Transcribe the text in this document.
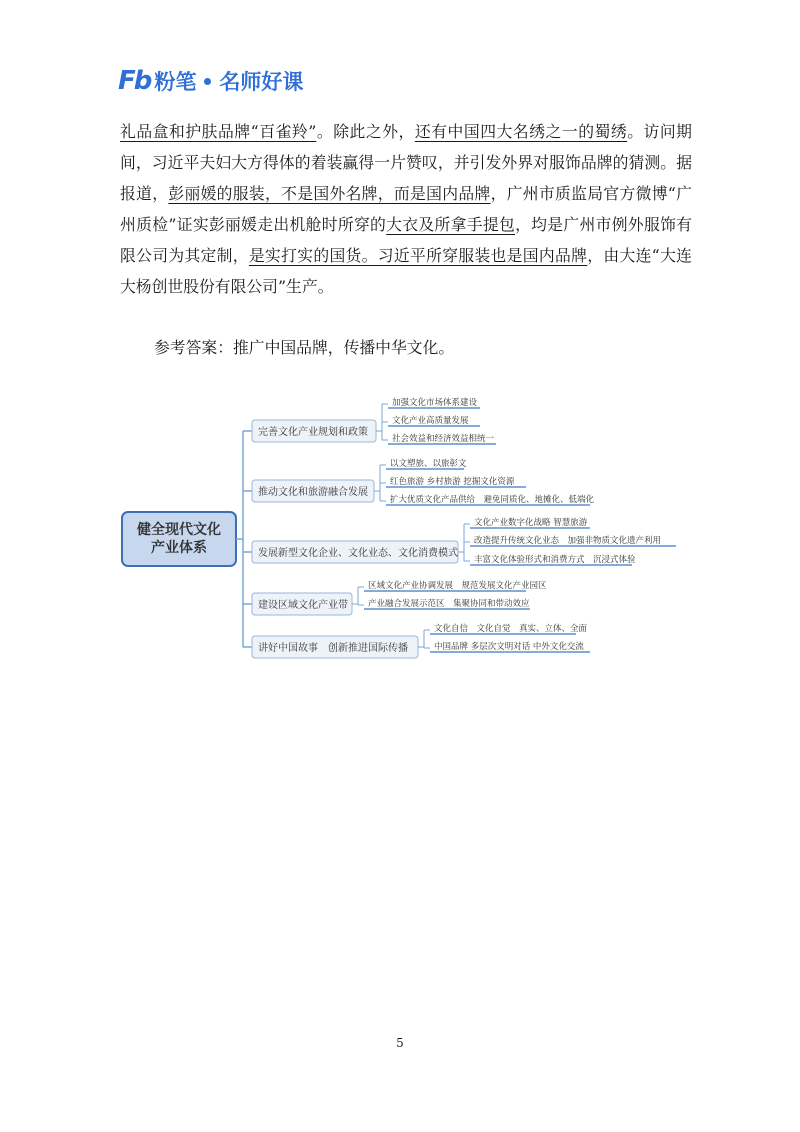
Fb 粉笔 名师好课

礼品盒和护肤品牌“百雀羚”。除此之外，还有中国四大名绣之一的蜀绣。访问期间，习近平夫妇大方得体的着装赢得一片赞叹，并引发外界对服饰品牌的猜测。据报道，彭丽媛的服装，不是国外名牌，而是国内品牌，广州市质监局官方微博“广州质检”证实彭丽媛走出机舱时所穿的大衣及所拿手提包，均是广州市例外服饰有限公司为其定制，是实打实的国货。习近平所穿服装也是国内品牌，由大连“大连大杨创世股份有限公司”生产。

参考答案：推广中国品牌，传播中华文化。
健全现代文化
产业体系
完善文化产业规划和政策
加强文化市场体系建设
文化产业高质量发展
社会效益和经济效益相统一
推动文化和旅游融合发展
以文塑旅、以旅彰文
红色旅游 乡村旅游 挖掘文化资源
扩大优质文化产品供给　避免同质化、地摊化、低端化
发展新型文化企业、文化业态、文化消费模式
文化产业数字化战略 智慧旅游
改造提升传统文化业态　加强非物质文化遗产利用
丰富文化体验形式和消费方式　沉浸式体验
建设区域文化产业带
区域文化产业协调发展　规范发展文化产业园区
产业融合发展示范区　集聚协同和带动效应
讲好中国故事　创新推进国际传播
文化自信　文化自觉　真实、立体、全面
中国品牌 多层次文明对话 中外文化交流
5
